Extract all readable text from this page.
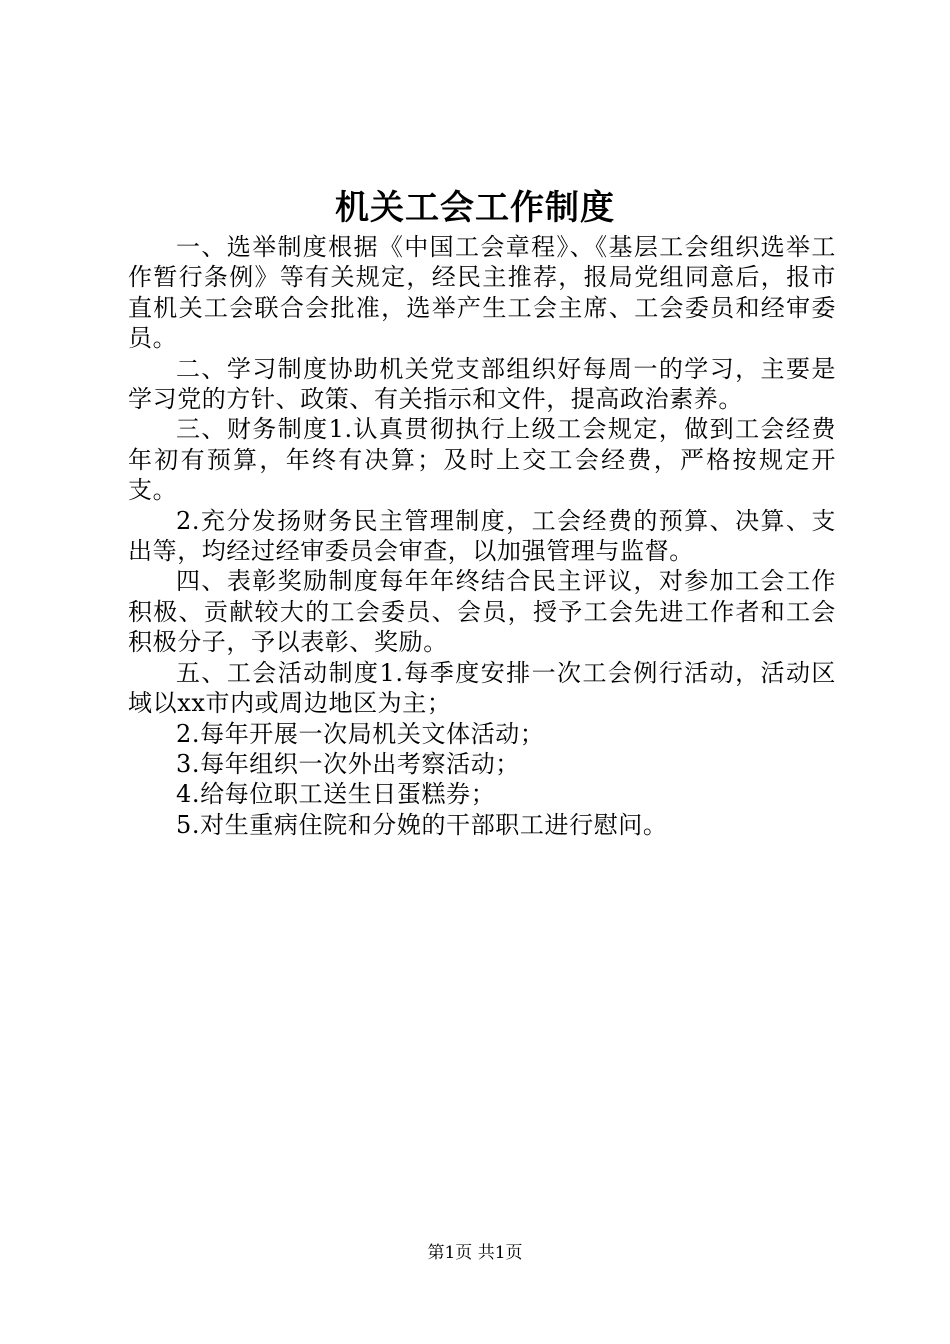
机关工会工作制度

一、选举制度根据《中国工会章程》、《基层工会组织选举工作暂行条例》等有关规定，经民主推荐，报局党组同意后，报市直机关工会联合会批准，选举产生工会主席、工会委员和经审委员。

二、学习制度协助机关党支部组织好每周一的学习，主要是学习党的方针、政策、有关指示和文件，提高政治素养。

三、财务制度1.认真贯彻执行上级工会规定，做到工会经费年初有预算，年终有决算；及时上交工会经费，严格按规定开支。

2.充分发扬财务民主管理制度，工会经费的预算、决算、支出等，均经过经审委员会审查，以加强管理与监督。

四、表彰奖励制度每年年终结合民主评议，对参加工会工作积极、贡献较大的工会委员、会员，授予工会先进工作者和工会积极分子，予以表彰、奖励。

五、工会活动制度1.每季度安排一次工会例行活动，活动区域以xx市内或周边地区为主；

2.每年开展一次局机关文体活动；

3.每年组织一次外出考察活动；

4.给每位职工送生日蛋糕券；

5.对生重病住院和分娩的干部职工进行慰问。

第1页 共1页
